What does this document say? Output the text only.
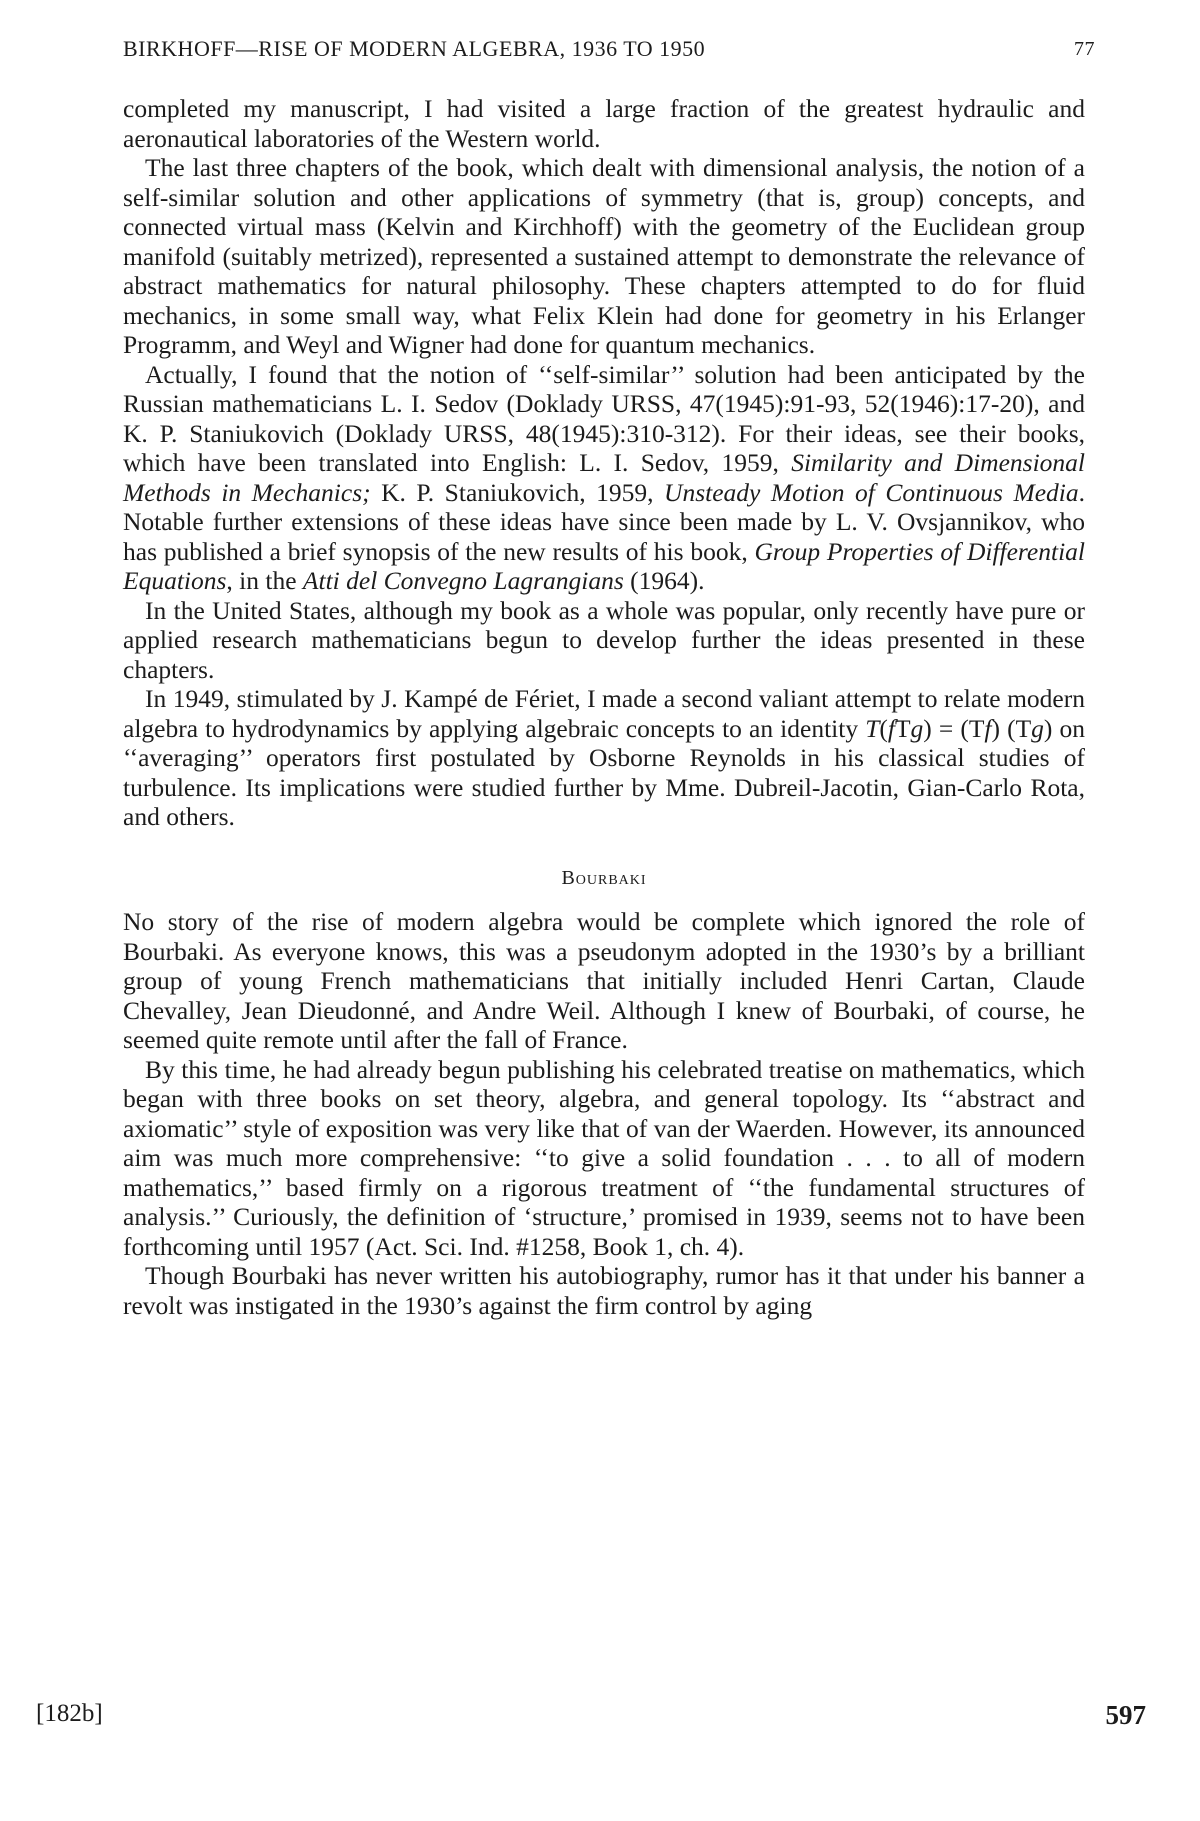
BIRKHOFF—RISE OF MODERN ALGEBRA, 1936 TO 1950	77

completed my manuscript, I had visited a large fraction of the greatest hydraulic and aeronautical laboratories of the Western world.

The last three chapters of the book, which dealt with dimensional analysis, the notion of a self-similar solution and other applications of symmetry (that is, group) concepts, and connected virtual mass (Kelvin and Kirchhoff) with the geometry of the Euclidean group manifold (suitably metrized), represented a sustained attempt to demonstrate the relevance of abstract mathematics for natural philosophy. These chapters attempted to do for fluid mechanics, in some small way, what Felix Klein had done for geometry in his Erlanger Programm, and Weyl and Wigner had done for quantum mechanics.

Actually, I found that the notion of ‘‘self-similar’’ solution had been anticipated by the Russian mathematicians L. I. Sedov (Doklady URSS, 47(1945):91-93, 52(1946):17-20), and K. P. Staniukovich (Doklady URSS, 48(1945):310-312). For their ideas, see their books, which have been translated into English: L. I. Sedov, 1959, Similarity and Dimensional Methods in Mechanics; K. P. Staniukovich, 1959, Unsteady Motion of Continuous Media. Notable further extensions of these ideas have since been made by L. V. Ovsjannikov, who has published a brief synopsis of the new results of his book, Group Properties of Differential Equations, in the Atti del Convegno Lagrangians (1964).

In the United States, although my book as a whole was popular, only recently have pure or applied research mathematicians begun to develop further the ideas presented in these chapters.

In 1949, stimulated by J. Kampé de Fériet, I made a second valiant attempt to relate modern algebra to hydrodynamics by applying algebraic concepts to an identity T(fTg) = (Tf) (Tg) on ‘‘averaging’’ operators first postulated by Osborne Reynolds in his classical studies of turbulence. Its implications were studied further by Mme. Dubreil-Jacotin, Gian-Carlo Rota, and others.

Bourbaki

No story of the rise of modern algebra would be complete which ignored the role of Bourbaki. As everyone knows, this was a pseudonym adopted in the 1930’s by a brilliant group of young French mathematicians that initially included Henri Cartan, Claude Chevalley, Jean Dieudonné, and Andre Weil. Although I knew of Bourbaki, of course, he seemed quite remote until after the fall of France.

By this time, he had already begun publishing his celebrated treatise on mathematics, which began with three books on set theory, algebra, and general topology. Its ‘‘abstract and axiomatic’’ style of exposition was very like that of van der Waerden. However, its announced aim was much more comprehensive: ‘‘to give a solid foundation . . . to all of modern mathematics,’’ based firmly on a rigorous treatment of ‘‘the fundamental structures of analysis.’’ Curiously, the definition of ‘structure,’ promised in 1939, seems not to have been forthcoming until 1957 (Act. Sci. Ind. #1258, Book 1, ch. 4).

Though Bourbaki has never written his autobiography, rumor has it that under his banner a revolt was instigated in the 1930’s against the firm control by aging

[182b]	597
